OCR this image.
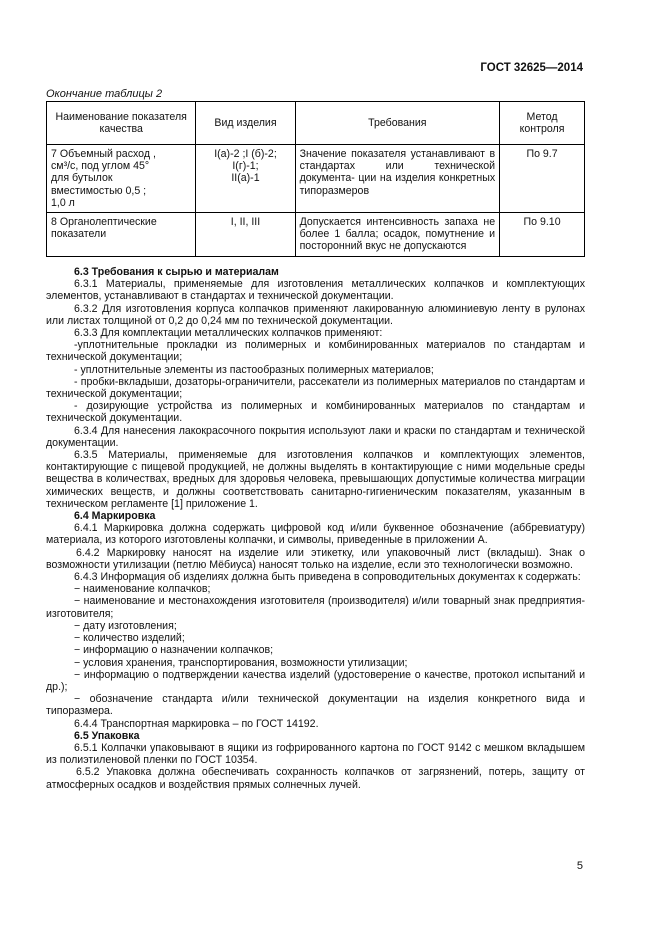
ГОСТ 32625—2014
Окончание таблицы 2
Наименование показателя качества	Вид изделия	Требования	Метод контроля

7 Объемный расход ,
см³/с, под углом 45°
для бутылок
вместимостью 0,5 ;
1,0 л	I(a)-2 ;I (б)-2;
I(г)-1;
II(а)-1	Значение показателя устанавливают в стандартах или технической документа- ции на изделия конкретных типоразмеров	По 9.7

8 Органолептические
показатели	I, II, III	Допускается интенсивность запаха не более 1 балла; осадок, помутнение и посторонний вкус не допускаются	По 9.10

6.3 Требования к сырью и материалам

6.3.1 Материалы, применяемые для изготовления металлических колпачков и комплектующих элементов, устанавливают в стандартах и технической документации.

6.3.2 Для изготовления корпуса колпачков применяют лакированную алюминиевую ленту в рулонах или листах толщиной от 0,2 до 0,24 мм по технической документации.

6.3.3 Для комплектации металлических колпачков применяют:

-уплотнительные прокладки из полимерных и комбинированных материалов по стандартам и технической документации;

- уплотнительные элементы из пастообразных полимерных материалов;

- пробки-вкладыши, дозаторы-ограничители, рассекатели из полимерных материалов по стандартам и технической документации;

- дозирующие устройства из полимерных и комбинированных материалов по стандартам и технической документации.

6.3.4 Для нанесения лакокрасочного покрытия используют лаки и краски по стандартам и технической документации.

6.3.5 Материалы, применяемые для изготовления колпачков и комплектующих элементов, контактирующие с пищевой продукцией, не должны выделять в контактирующие с ними модельные среды вещества в количествах, вредных для здоровья человека, превышающих допустимые количества миграции химических веществ, и должны соответствовать санитарно-гигиеническим показателям, указанным в техническом регламенте [1] приложение 1.

6.4 Маркировка

6.4.1 Маркировка должна содержать цифровой код и/или буквенное обозначение (аббревиатуру) материала, из которого изготовлены колпачки, и символы, приведенные в приложении А.

6.4.2 Маркировку наносят на изделие или этикетку, или упаковочный лист (вкладыш). Знак о возможности утилизации (петлю Мёбиуса) наносят только на изделие, если это технологически возможно.

6.4.3 Информация об изделиях должна быть приведена в сопроводительных документах к содержать:

− наименование колпачков;

− наименование и местонахождения изготовителя (производителя) и/или товарный знак предприятия-изготовителя;

− дату изготовления;

− количество изделий;

− информацию о назначении колпачков;

− условия хранения, транспортирования, возможности утилизации;

− информацию о подтверждении качества изделий (удостоверение о качестве, протокол испытаний и др.);

− обозначение стандарта и/или технической документации на изделия конкретного вида и типоразмера.

6.4.4 Транспортная маркировка – по ГОСТ 14192.

6.5 Упаковка

6.5.1 Колпачки упаковывают в ящики из гофрированного картона по ГОСТ 9142 с мешком вкладышем из полиэтиленовой пленки по ГОСТ 10354.

6.5.2 Упаковка должна обеспечивать сохранность колпачков от загрязнений, потерь, защиту от атмосферных осадков и воздействия прямых солнечных лучей.

5
